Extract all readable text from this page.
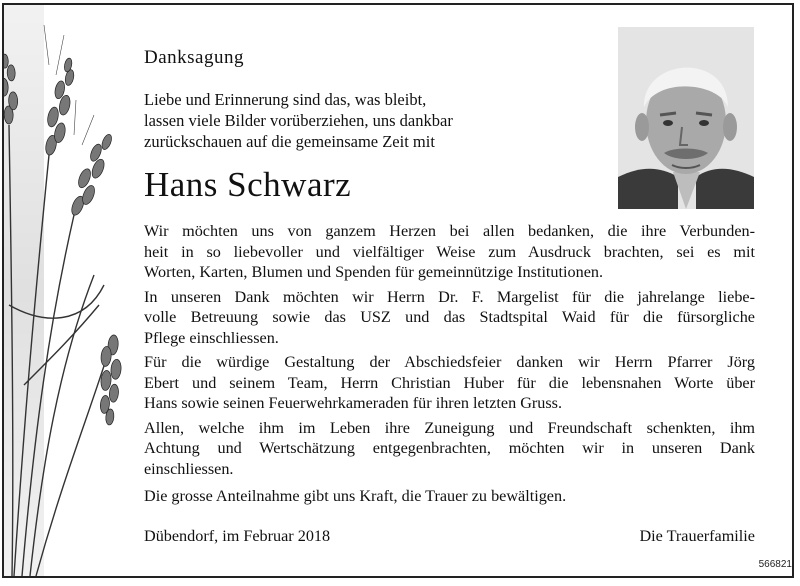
Danksagung
Liebe und Erinnerung sind das, was bleibt,
lassen viele Bilder vorüberziehen, uns dankbar
zurückschauen auf die gemeinsame Zeit mit
Hans Schwarz

Wir möchten uns von ganzem Herzen bei allen bedanken, die ihre Verbunden-
heit in so liebevoller und vielfältiger Weise zum Ausdruck brachten, sei es mit
Worten, Karten, Blumen und Spenden für gemeinnützige Institutionen.

In unseren Dank möchten wir Herrn Dr. F. Margelist für die jahrelange liebe-
volle Betreuung sowie das USZ und das Stadtspital Waid für die fürsorgliche
Pflege einschliessen.

Für die würdige Gestaltung der Abschiedsfeier danken wir Herrn Pfarrer Jörg
Ebert und seinem Team, Herrn Christian Huber für die lebensnahen Worte über
Hans sowie seinen Feuerwehrkameraden für ihren letzten Gruss.

Allen, welche ihm im Leben ihre Zuneigung und Freundschaft schenkten, ihm
Achtung und Wertschätzung entgegenbrachten, möchten wir in unseren Dank
einschliessen.

Die grosse Anteilnahme gibt uns Kraft, die Trauer zu bewältigen.
Dübendorf, im Februar 2018	Die Trauerfamilie
566821
